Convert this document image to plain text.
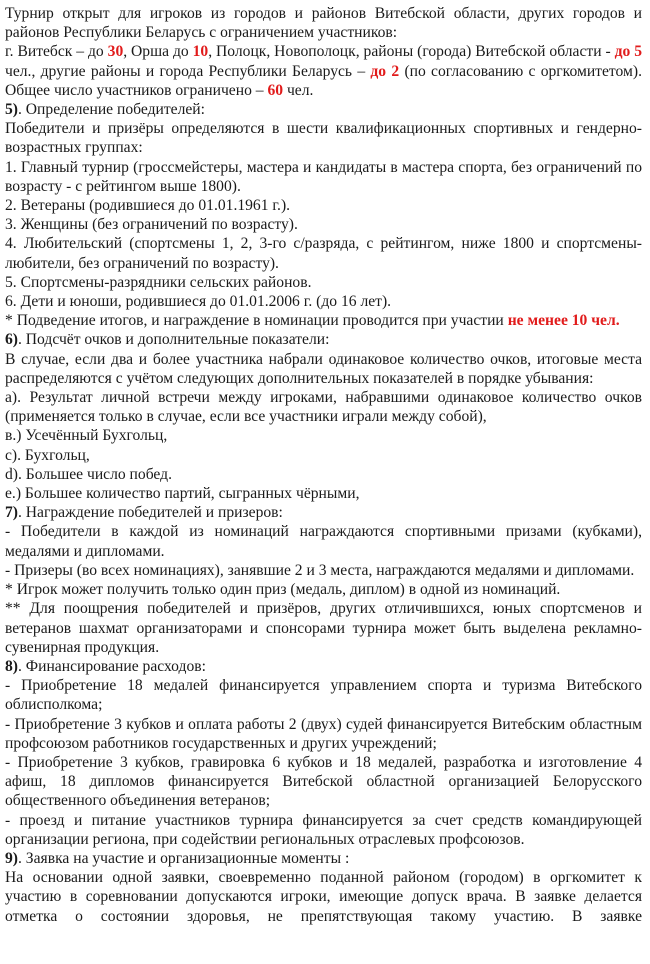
Турнир открыт для игроков из городов и районов Витебской области, других городов и районов Республики Беларусь с ограничением участников:

г. Витебск – до 30, Орша до 10, Полоцк, Новополоцк, районы (города) Витебской области - до 5 чел., другие районы и города Республики Беларусь – до 2 (по согласованию с оргкомитетом). Общее число участников ограничено – 60 чел.

5). Определение победителей:

Победители и призёры определяются в шести квалификационных спортивных и гендерно-возрастных группах:

1. Главный турнир (гроссмейстеры, мастера и кандидаты в мастера спорта, без ограничений по возрасту - с рейтингом выше 1800).

2. Ветераны (родившиеся до 01.01.1961 г.).

3. Женщины (без ограничений по возрасту).

4. Любительский (спортсмены 1, 2, 3-го с/разряда, с рейтингом, ниже 1800 и спортсмены-любители, без ограничений по возрасту).

5. Спортсмены-разрядники сельских районов.

6. Дети и юноши, родившиеся до 01.01.2006 г. (до 16 лет).

* Подведение итогов, и награждение в номинации проводится при участии не менее 10 чел.

6). Подсчёт очков и дополнительные показатели:

В случае, если два и более участника набрали одинаковое количество очков, итоговые места распределяются с учётом следующих дополнительных показателей в порядке убывания:

а). Результат личной встречи между игроками, набравшими одинаковое количество очков (применяется только в случае, если все участники играли между собой),

в.) Усечённый Бухгольц,

с). Бухгольц,

d). Большее число побед.

е.) Большее количество партий, сыгранных чёрными,

7). Награждение победителей и призеров:

- Победители в каждой из номинаций награждаются спортивными призами (кубками), медалями и дипломами.

- Призеры (во всех номинациях), занявшие 2 и 3 места, награждаются медалями и дипломами.

* Игрок может получить только один приз (медаль, диплом) в одной из номинаций.

** Для поощрения победителей и призёров, других отличившихся, юных спортсменов и ветеранов шахмат организаторами и спонсорами турнира может быть выделена рекламно-сувенирная продукция.

8). Финансирование расходов:

- Приобретение 18 медалей финансируется управлением спорта и туризма Витебского облисполкома;

- Приобретение 3 кубков и оплата работы 2 (двух) судей финансируется Витебским областным профсоюзом работников государственных и других учреждений;

- Приобретение 3 кубков, гравировка 6 кубков и 18 медалей, разработка и изготовление 4 афиш, 18 дипломов финансируется Витебской областной организацией Белорусского общественного объединения ветеранов;

- проезд и питание участников турнира финансируется за счет средств командирующей организации региона, при содействии региональных отраслевых профсоюзов.

9). Заявка на участие и организационные моменты :

На основании одной заявки, своевременно поданной районом (городом) в оргкомитет к участию в соревновании допускаются игроки, имеющие допуск врача. В заявке делается отметка о состоянии здоровья, не препятствующая такому участию. В заявке
